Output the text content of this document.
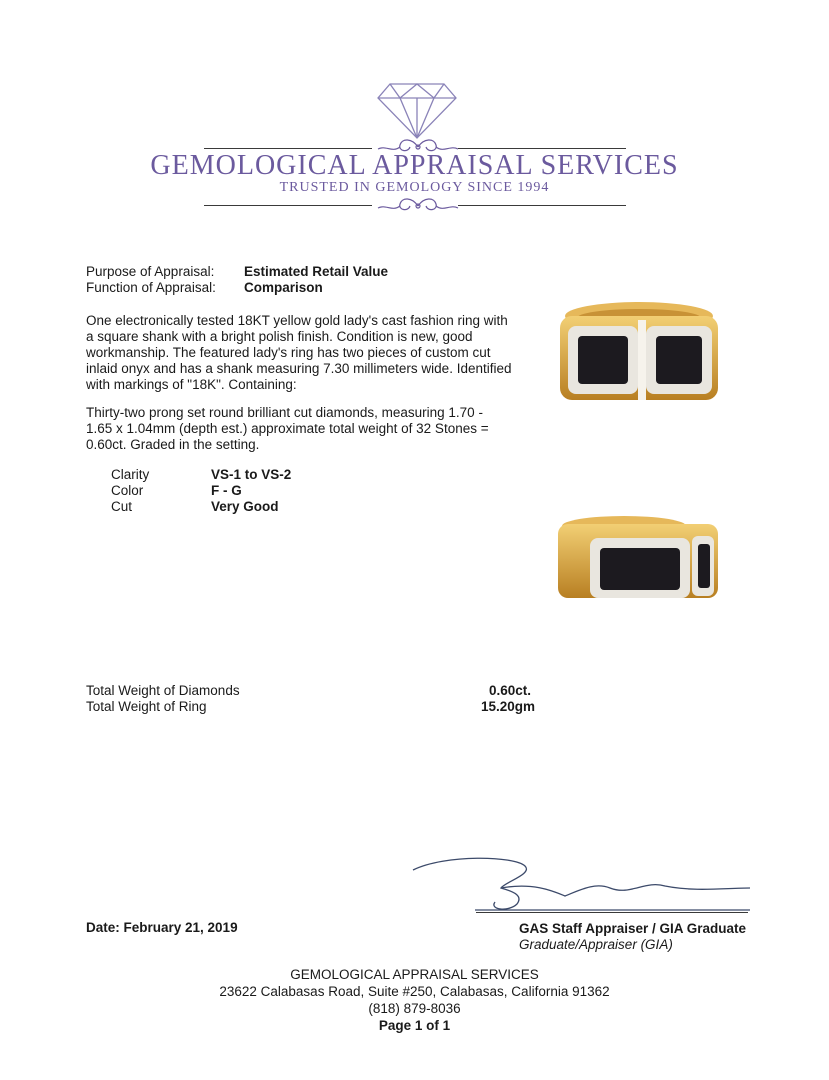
GEMOLOGICAL APPRAISAL SERVICES
TRUSTED IN GEMOLOGY SINCE 1994
Purpose of Appraisal: Estimated Retail Value
Function of Appraisal: Comparison
One electronically tested 18KT yellow gold lady's cast fashion ring with a square shank with a bright polish finish. Condition is new, good workmanship. The featured lady's ring has two pieces of custom cut inlaid onyx and has a shank measuring 7.30 millimeters wide. Identified with markings of "18K". Containing:
Thirty-two prong set round brilliant cut diamonds, measuring 1.70 - 1.65 x 1.04mm (depth est.) approximate total weight of 32 Stones = 0.60ct. Graded in the setting.
Clarity	VS-1 to VS-2
Color	F - G
Cut	Very Good
Total Weight of Diamonds	0.60ct.
Total Weight of Ring	15.20gm
Date: February 21, 2019	GAS Staff Appraiser / GIA Graduate
Graduate/Appraiser (GIA)
GEMOLOGICAL APPRAISAL SERVICES
23622 Calabasas Road, Suite #250, Calabasas, California 91362
(818) 879-8036
Page 1 of 1
